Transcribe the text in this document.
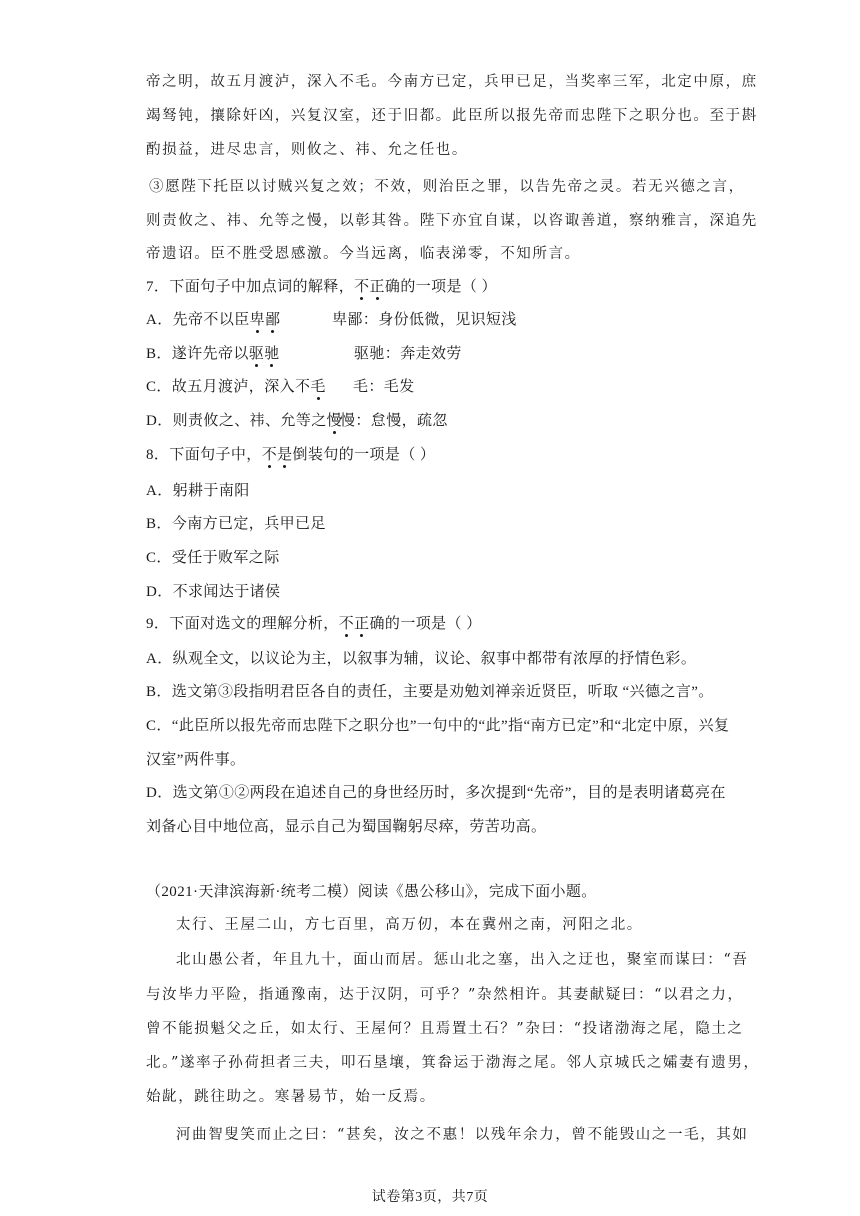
帝之明，故五月渡泸，深入不毛。今南方已定，兵甲已足，当奖率三军，北定中原，庶
竭驽钝，攘除奸凶，兴复汉室，还于旧都。此臣所以报先帝而忠陛下之职分也。至于斟
酌损益，进尽忠言，则攸之、祎、允之任也。
③愿陛下托臣以讨贼兴复之效；不效，则治臣之罪，以告先帝之灵。若无兴德之言，
则责攸之、祎、允等之慢，以彰其咎。陛下亦宜自谋，以咨诹善道，察纳雅言，深追先
帝遗诏。臣不胜受恩感激。今当远离，临表涕零，不知所言。
7．下面句子中加点词的解释，不正确的一项是（ ）
A．先帝不以臣卑鄙	卑鄙：身份低微，见识短浅
B．遂许先帝以驱驰	驱驰：奔走效劳
C．故五月渡泸，深入不毛 毛：毛发
D．则责攸之、祎、允等之慢慢：怠慢，疏忽
8．下面句子中，不是倒装句的一项是（ ）
A．躬耕于南阳
B．今南方已定，兵甲已足
C．受任于败军之际
D．不求闻达于诸侯
9．下面对选文的理解分析，不正确的一项是（ ）
A．纵观全文，以议论为主，以叙事为辅，议论、叙事中都带有浓厚的抒情色彩。
B．选文第③段指明君臣各自的责任，主要是劝勉刘禅亲近贤臣，听取 “兴德之言”。
C．“此臣所以报先帝而忠陛下之职分也”一句中的“此”指“南方已定”和“北定中原，兴复
汉室”两件事。
D．选文第①②两段在追述自己的身世经历时，多次提到“先帝”，目的是表明诸葛亮在
刘备心目中地位高，显示自己为蜀国鞠躬尽瘁，劳苦功高。
（2021·天津滨海新·统考二模）阅读《愚公移山》，完成下面小题。
太行、王屋二山，方七百里，高万仞，本在冀州之南，河阳之北。
北山愚公者，年且九十，面山而居。惩山北之塞，出入之迂也，聚室而谋曰：“吾
与汝毕力平险，指通豫南，达于汉阴，可乎？”杂然相许。其妻献疑曰：“以君之力，
曾不能损魁父之丘，如太行、王屋何？且焉置土石？”杂曰：“投诸渤海之尾，隐土之
北。”遂率子孙荷担者三夫，叩石垦壤，箕畚运于渤海之尾。邻人京城氏之孀妻有遗男，
始龀，跳往助之。寒暑易节，始一反焉。
河曲智叟笑而止之曰：“甚矣，汝之不惠！以残年余力，曾不能毁山之一毛，其如
试卷第3页，共7页
